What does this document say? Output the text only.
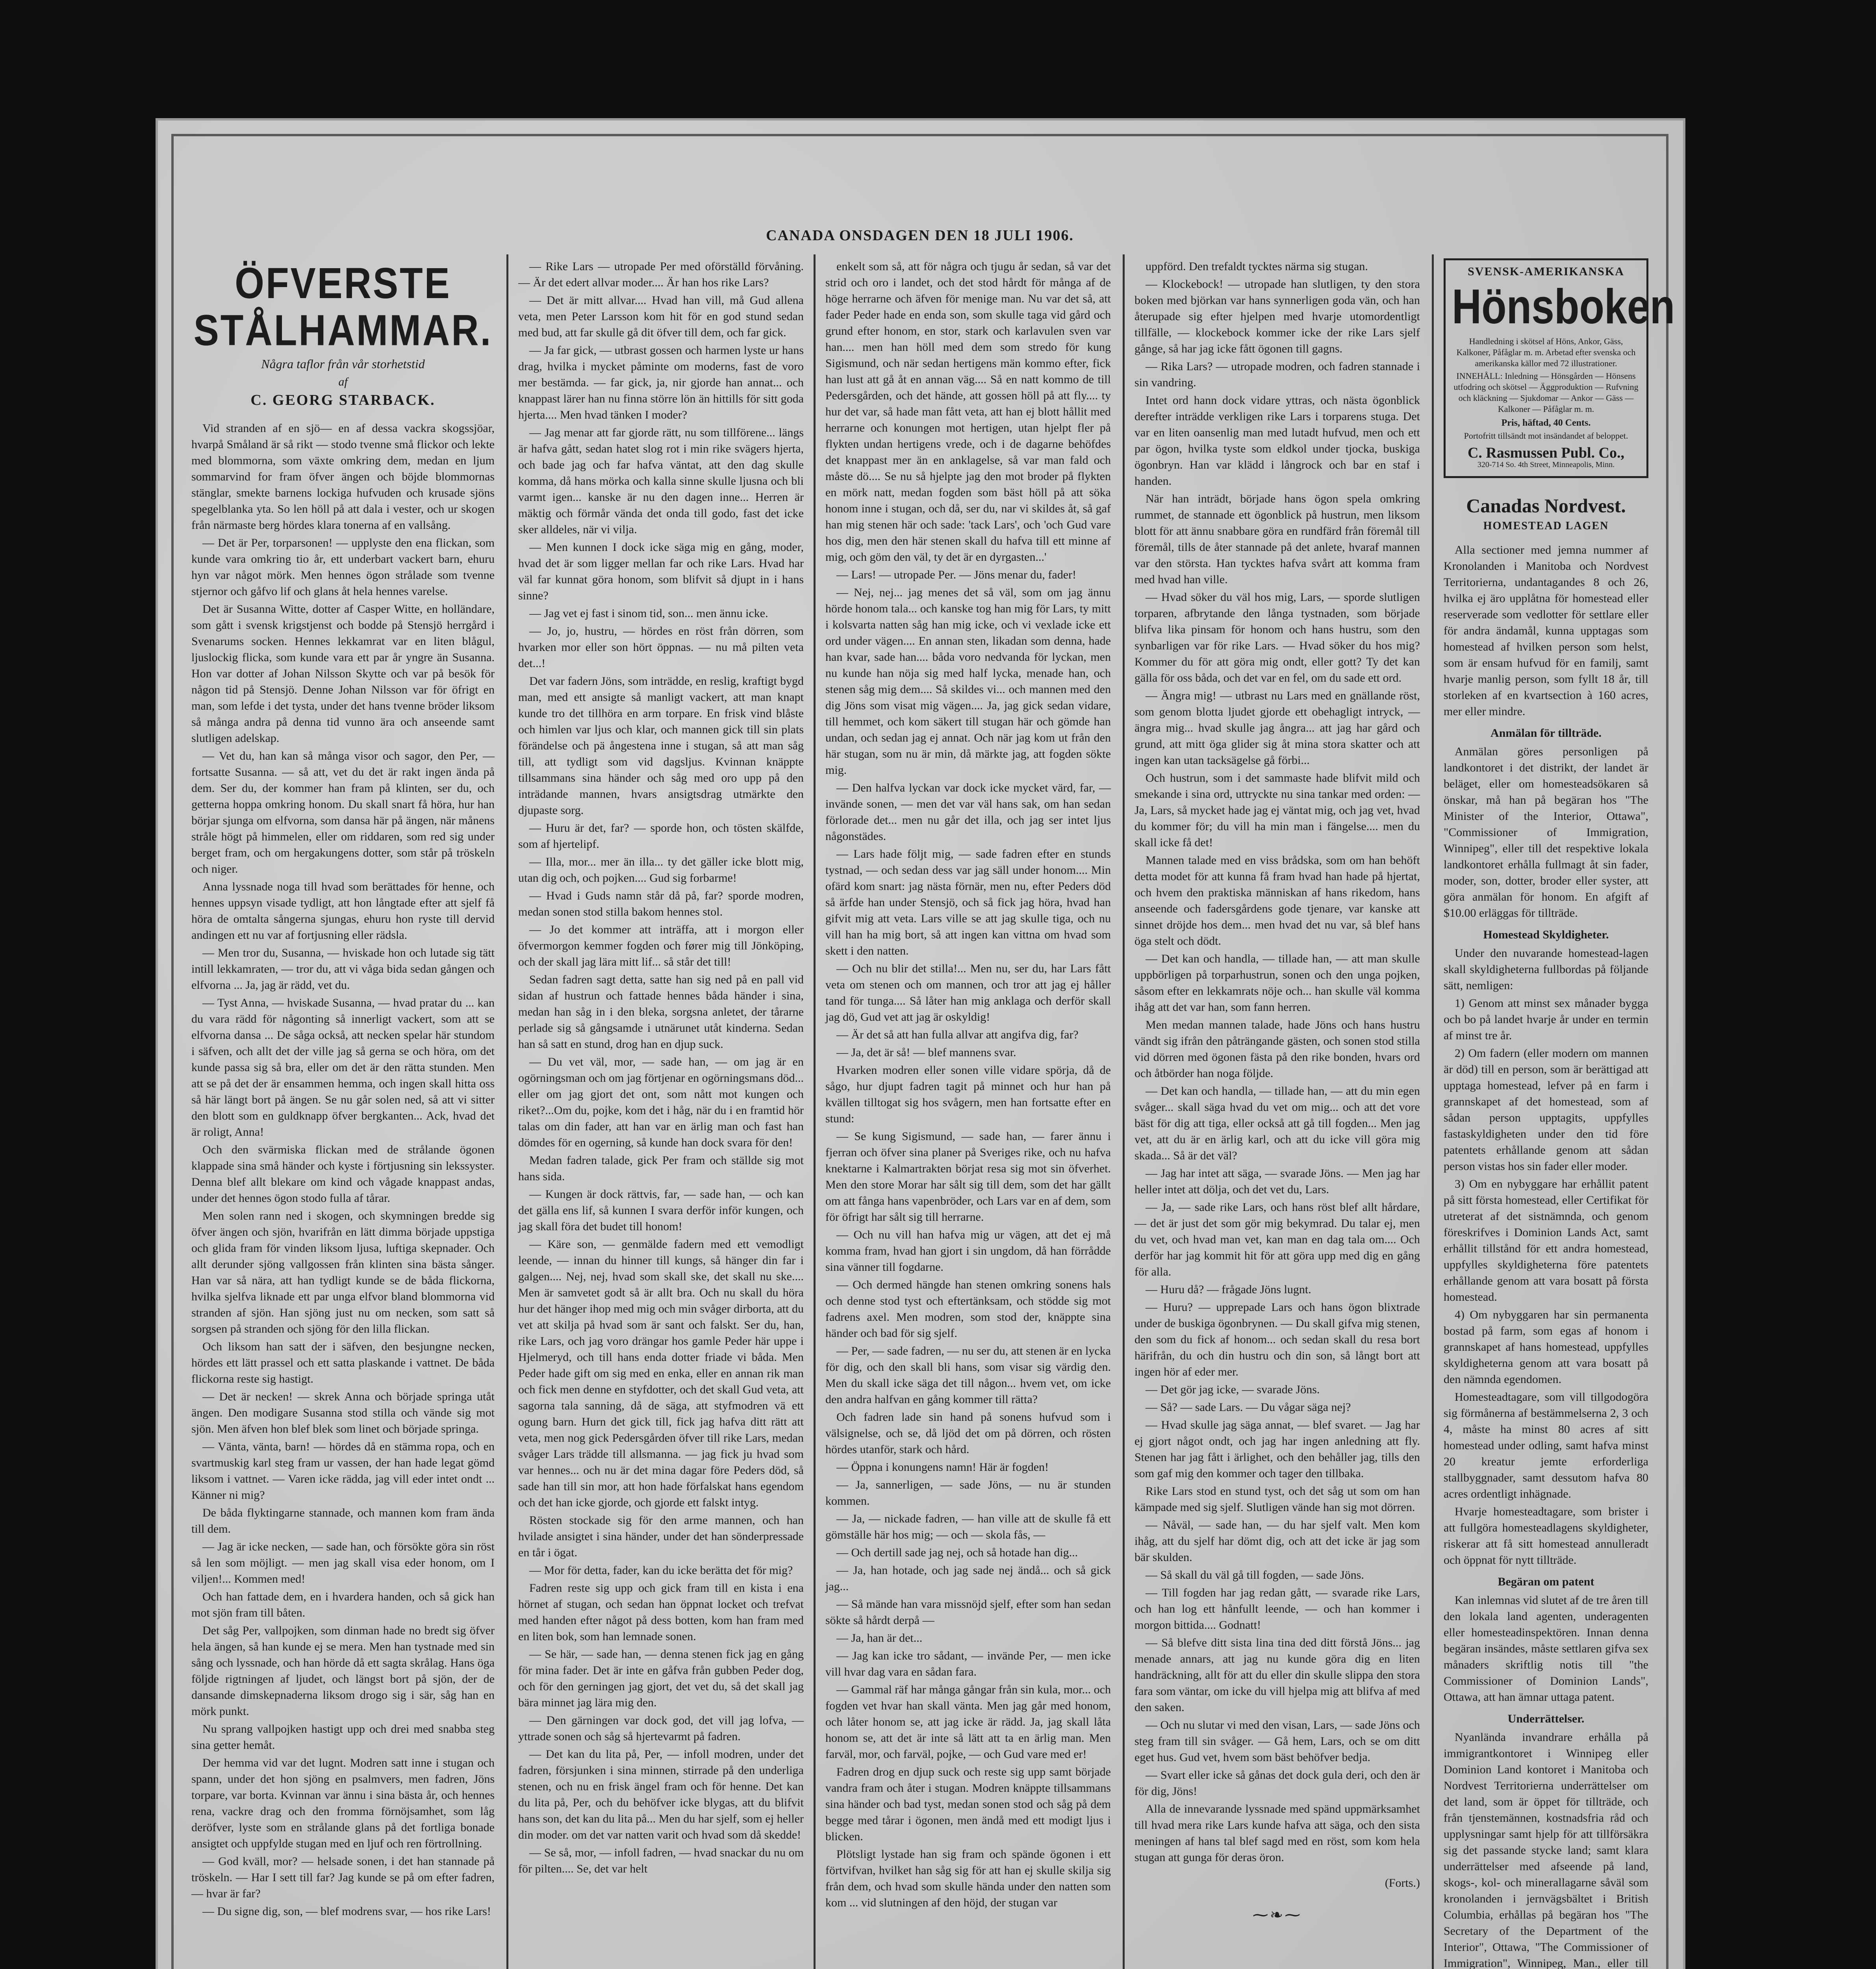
CANADA ONSDAGEN DEN 18 JULI 1906.
ÖFVERSTE STÅLHAMMAR.
Några taflor från vår storhetstid
af
C. GEORG STARBACK.

Vid stranden af en sjö— en af dessa vackra skogssjöar, hvarpå Småland är så rikt — stodo tvenne små flickor och lekte med blommorna, som växte omkring dem, medan en ljum sommarvind for fram öfver ängen och böjde blommornas stänglar, smekte barnens lockiga hufvuden och krusade sjöns spegelblanka yta. So len höll på att dala i vester, och ur skogen från närmaste berg hördes klara tonerna af en vallsång.

— Det är Per, torparsonen! — upplyste den ena flickan, som kunde vara omkring tio år, ett underbart vackert barn, ehuru hyn var något mörk. Men hennes ögon strålade som tvenne stjernor och gåfvo lif och glans åt hela hennes varelse.

Det är Susanna Witte, dotter af Casper Witte, en holländare, som gått i svensk krigstjenst och bodde på Stensjö herrgård i Svenarums socken. Hennes lekkamrat var en liten blågul, ljuslockig flicka, som kunde vara ett par år yngre än Susanna. Hon var dotter af Johan Nilsson Skytte och var på besök för någon tid på Stensjö. Denne Johan Nilsson var för öfrigt en man, som lefde i det tysta, under det hans tvenne bröder liksom så många andra på denna tid vunno ära och anseende samt slutligen adelskap.

— Vet du, han kan så många visor och sagor, den Per, — fortsatte Susanna. — så att, vet du det är rakt ingen ända på dem. Ser du, der kommer han fram på klinten, ser du, och getterna hoppa omkring honom. Du skall snart få höra, hur han börjar sjunga om elfvorna, som dansa här på ängen, när månens stråle högt på himmelen, eller om riddaren, som red sig under berget fram, och om hergakungens dotter, som står på tröskeln och niger.

Anna lyssnade noga till hvad som berättades för henne, och hennes uppsyn visade tydligt, att hon långtade efter att sjelf få höra de omtalta sångerna sjungas, ehuru hon ryste till dervid andingen ett nu var af fortjusning eller rädsla.

— Men tror du, Susanna, — hviskade hon och lutade sig tätt intill lekkamraten, — tror du, att vi våga bida sedan gången och elfvorna ... Ja, jag är rädd, vet du.

— Tyst Anna, — hviskade Susanna, — hvad pratar du ... kan du vara rädd för någonting så innerligt vackert, som att se elfvorna dansa ... De såga också, att necken spelar här stundom i säfven, och allt det der ville jag så gerna se och höra, om det kunde passa sig så bra, eller om det är den rätta stunden. Men att se på det der är ensammen hemma, och ingen skall hitta oss så här längt bort på ängen. Se nu går solen ned, så att vi sitter den blott som en guldknapp öfver bergkanten... Ack, hvad det är roligt, Anna!

Och den svärmiska flickan med de strålande ögonen klappade sina små händer och kyste i förtjusning sin lekssyster. Denna blef allt blekare om kind och vågade knappast andas, under det hennes ögon stodo fulla af tårar.

Men solen rann ned i skogen, och skymningen bredde sig öfver ängen och sjön, hvarifrån en lätt dimma började uppstiga och glida fram för vinden liksom ljusa, luftiga skepnader. Och allt derunder sjöng vallgossen från klinten sina bästa sånger. Han var så nära, att han tydligt kunde se de båda flickorna, hvilka sjelfva liknade ett par unga elfvor bland blommorna vid stranden af sjön. Han sjöng just nu om necken, som satt så sorgsen på stranden och sjöng för den lilla flickan.

Och liksom han satt der i säfven, den besjungne necken, hördes ett lätt prassel och ett satta plaskande i vattnet. De båda flickorna reste sig hastigt.

— Det är necken! — skrek Anna och började springa utåt ängen. Den modigare Susanna stod stilla och vände sig mot sjön. Men äfven hon blef blek som linet och började springa.

— Vänta, vänta, barn! — hördes då en stämma ropa, och en svartmuskig karl steg fram ur vassen, der han hade legat gömd liksom i vattnet. — Varen icke rädda, jag vill eder intet ondt ... Känner ni mig?

De båda flyktingarne stannade, och mannen kom fram ända till dem.

— Jag är icke necken, — sade han, och försökte göra sin röst så len som möjligt. — men jag skall visa eder honom, om I viljen!... Kommen med!

Och han fattade dem, en i hvardera handen, och så gick han mot sjön fram till båten.

Det såg Per, vallpojken, som dinman hade no bredt sig öfver hela ängen, så han kunde ej se mera. Men han tystnade med sin sång och lyssnade, och han hörde då ett sagta skrålag. Hans öga följde rigtningen af ljudet, och längst bort på sjön, der de dansande dimskepnaderna liksom drogo sig i sär, såg han en mörk punkt.

Nu sprang vallpojken hastigt upp och drei med snabba steg sina getter hemåt.

Der hemma vid var det lugnt. Modren satt inne i stugan och spann, under det hon sjöng en psalmvers, men fadren, Jöns torpare, var borta. Kvinnan var ännu i sina bästa år, och hennes rena, vackre drag och den fromma förnöjsamhet, som låg deröfver, lyste som en strålande glans på det fortliga bonade ansigtet och uppfylde stugan med en ljuf och ren förtrollning.

— God kväll, mor? — helsade sonen, i det han stannade på tröskeln. — Har I sett till far? Jag kunde se på om efter fadren, — hvar är far?

— Du signe dig, son, — blef modrens svar, — hos rike Lars!

— Rike Lars — utropade Per med oförställd förvåning. — Är det edert allvar moder.... Är han hos rike Lars?

— Det är mitt allvar.... Hvad han vill, må Gud allena veta, men Peter Larsson kom hit för en god stund sedan med bud, att far skulle gå dit öfver till dem, och far gick.

— Ja far gick, — utbrast gossen och harmen lyste ur hans drag, hvilka i mycket påminte om moderns, fast de voro mer bestämda. — far gick, ja, nir gjorde han annat... och knappast lärer han nu finna större lön än hittills för sitt goda hjerta.... Men hvad tänken I moder?

— Jag menar att far gjorde rätt, nu som tillförene... längs är hafva gått, sedan hatet slog rot i min rike svägers hjerta, och bade jag och far hafva väntat, att den dag skulle komma, då hans mörka och kalla sinne skulle ljusna och bli varmt igen... kanske är nu den dagen inne... Herren är mäktig och förmår vända det onda till godo, fast det icke sker alldeles, när vi vilja.

— Men kunnen I dock icke säga mig en gång, moder, hvad det är som ligger mellan far och rike Lars. Hvad har väl far kunnat göra honom, som blifvit så djupt in i hans sinne?

— Jag vet ej fast i sinom tid, son... men ännu icke.

— Jo, jo, hustru, — hördes en röst från dörren, som hvarken mor eller son hört öppnas. — nu må pilten veta det...!

Det var fadern Jöns, som inträdde, en reslig, kraftigt bygd man, med ett ansigte så manligt vackert, att man knapt kunde tro det tillhöra en arm torpare. En frisk vind blåste och himlen var ljus och klar, och mannen gick till sin plats förändelse och pä ångestena inne i stugan, så att man såg till, att tydligt som vid dagsljus. Kvinnan knäppte tillsammans sina händer och såg med oro upp på den inträdande mannen, hvars ansigtsdrag utmärkte den djupaste sorg.

— Huru är det, far? — sporde hon, och tösten skälfde, som af hjertelipf.

— Illa, mor... mer än illa... ty det gäller icke blott mig, utan dig och, och pojken.... Gud sig forbarme!

— Hvad i Guds namn står då på, far? sporde modren, medan sonen stod stilla bakom hennes stol.

— Jo det kommer att inträffa, att i morgon eller öfvermorgon kemmer fogden och fører mig till Jönköping, och der skall jag lära mitt lif... så står det till!

Sedan fadren sagt detta, satte han sig ned på en pall vid sidan af hustrun och fattade hennes båda händer i sina, medan han såg in i den bleka, sorgsna anletet, der tårarne perlade sig så gångsamde i utnärunet utåt kinderna. Sedan han så satt en stund, drog han en djup suck.

— Du vet väl, mor, — sade han, — om jag är en ogörningsman och om jag förtjenar en ogörningsmans död... eller om jag gjort det ont, som nått mot kungen och riket?...Om du, pojke, kom det i håg, när du i en framtid hör talas om din fader, att han var en ärlig man och fast han dömdes för en ogerning, så kunde han dock svara för den!

Medan fadren talade, gick Per fram och ställde sig mot hans sida.

— Kungen är dock rättvis, far, — sade han, — och kan det gälla ens lif, så kunnen I svara derför inför kungen, och jag skall föra det budet till honom!

— Käre son, — genmälde fadern med ett vemodligt leende, — innan du hinner till kungs, så hänger din far i galgen.... Nej, nej, hvad som skall ske, det skall nu ske.... Men är samvetet godt så är allt bra. Och nu skall du höra hur det hänger ihop med mig och min svåger dirborta, att du vet att skilja på hvad som är sant och falskt. Ser du, han, rike Lars, och jag voro drängar hos gamle Peder här uppe i Hjelmeryd, och till hans enda dotter friade vi båda. Men Peder hade gift om sig med en enka, eller en annan rik man och fick men denne en styfdotter, och det skall Gud veta, att sagorna tala sanning, då de säga, att styfmodren vä ett ogung barn. Hurn det gick till, fick jag hafva ditt rätt att veta, men nog gick Pedersgården öfver till rike Lars, medan svåger Lars trädde till allsmanna. — jag fick ju hvad som var hennes... och nu är det mina dagar före Peders död, så sade han till sin mor, att hon hade förfalskat hans egendom och det han icke gjorde, och gjorde ett falskt intyg.

Rösten stockade sig för den arme mannen, och han hvilade ansigtet i sina händer, under det han sönderpressade en tår i ögat.

— Mor för detta, fader, kan du icke berätta det för mig?

Fadren reste sig upp och gick fram till en kista i ena hörnet af stugan, och sedan han öppnat locket och trefvat med handen efter något på dess botten, kom han fram med en liten bok, som han lemnade sonen.

— Se här, — sade han, — denna stenen fick jag en gång för mina fader. Det är inte en gåfva från gubben Peder dog, och för den gerningen jag gjort, det vet du, så det skall jag bära minnet jag lära mig den.

— Den gärningen var dock god, det vill jag lofva, — yttrade sonen och såg så hjertevarmt på fadren.

— Det kan du lita på, Per, — infoll modren, under det fadren, försjunken i sina minnen, stirrade på den underliga stenen, och nu en frisk ängel fram och för henne. Det kan du lita på, Per, och du behöfver icke blygas, att du blifvit hans son, det kan du lita på... Men du har sjelf, som ej heller din moder. om det var natten varit och hvad som då skedde!

— Se så, mor, — infoll fadren, — hvad snackar du nu om för pilten.... Se, det var helt

enkelt som så, att för några och tjugu år sedan, så var det strid och oro i landet, och det stod hårdt för många af de höge herrarne och äfven för menige man. Nu var det så, att fader Peder hade en enda son, som skulle taga vid gård och grund efter honom, en stor, stark och karlavulen sven var han.... men han höll med dem som stredo för kung Sigismund, och när sedan hertigens män kommo efter, fick han lust att gå åt en annan väg.... Så en natt kommo de till Pedersgården, och det hände, att gossen höll på att fly.... ty hur det var, så hade man fått veta, att han ej blott hållit med herrarne och konungen mot hertigen, utan hjelpt fler på flykten undan hertigens vrede, och i de dagarne behöfdes det knappast mer än en anklagelse, så var man fald och måste dö.... Se nu så hjelpte jag den mot broder på flykten en mörk natt, medan fogden som bäst höll på att söka honom inne i stugan, och då, ser du, nar vi skildes åt, så gaf han mig stenen här och sade: 'tack Lars', och 'och Gud vare hos dig, men den här stenen skall du hafva till ett minne af mig, och göm den väl, ty det är en dyrgasten...'

— Lars! — utropade Per. — Jöns menar du, fader!

— Nej, nej... jag menes det så väl, som om jag ännu hörde honom tala... och kanske tog han mig för Lars, ty mitt i kolsvarta natten såg han mig icke, och vi vexlade icke ett ord under vägen.... En annan sten, likadan som denna, hade han kvar, sade han.... båda voro nedvanda för lyckan, men nu kunde han nöja sig med half lycka, menade han, och stenen såg mig dem.... Så skildes vi... och mannen med den dig Jöns som visat mig vägen.... Ja, jag gick sedan vidare, till hemmet, och kom säkert till stugan här och gömde han undan, och sedan jag ej annat. Och när jag kom ut från den här stugan, som nu är min, då märkte jag, att fogden sökte mig.

— Den halfva lyckan var dock icke mycket värd, far, — invände sonen, — men det var väl hans sak, om han sedan förlorade det... men nu går det illa, och jag ser intet ljus någonstädes.

— Lars hade följt mig, — sade fadren efter en stunds tystnad, — och sedan dess var jag säll under honom.... Min ofärd kom snart: jag nästa förnär, men nu, efter Peders död så ärfde han under Stensjö, och så fick jag höra, hvad han gifvit mig att veta. Lars ville se att jag skulle tiga, och nu vill han ha mig bort, så att ingen kan vittna om hvad som skett i den natten.

— Och nu blir det stilla!... Men nu, ser du, har Lars fått veta om stenen och om mannen, och tror att jag ej håller tand för tunga.... Så låter han mig anklaga och derför skall jag dö, Gud vet att jag är oskyldig!

— Är det så att han fulla allvar att angifva dig, far?

— Ja, det är så! — blef mannens svar.

Hvarken modren eller sonen ville vidare spörja, då de sågo, hur djupt fadren tagit på minnet och hur han på kvällen tilltogat sig hos svågern, men han fortsatte efter en stund:

— Se kung Sigismund, — sade han, — farer ännu i fjerran och öfver sina planer på Sveriges rike, och nu hafva knektarne i Kalmartrakten börjat resa sig mot sin öfverhet. Men den store Morar har sålt sig till dem, som det har gällt om att fånga hans vapenbröder, och Lars var en af dem, som för öfrigt har sålt sig till herrarne.

— Och nu vill han hafva mig ur vägen, att det ej må komma fram, hvad han gjort i sin ungdom, då han förrådde sina vänner till fogdarne.

— Och dermed hängde han stenen omkring sonens hals och denne stod tyst och eftertänksam, och stödde sig mot fadrens axel. Men modren, som stod der, knäppte sina händer och bad för sig sjelf.

— Per, — sade fadren, — nu ser du, att stenen är en lycka för dig, och den skall bli hans, som visar sig värdig den. Men du skall icke säga det till någon... hvem vet, om icke den andra halfvan en gång kommer till rätta?

Och fadren lade sin hand på sonens hufvud som i välsignelse, och se, då ljöd det om på dörren, och rösten hördes utanför, stark och hård.

— Öppna i konungens namn! Här är fogden!

— Ja, sannerligen, — sade Jöns, — nu är stunden kommen.

— Ja, — nickade fadren, — han ville att de skulle få ett gömställe här hos mig; — och — skola fås, —

— Och dertill sade jag nej, och så hotade han dig...

— Ja, han hotade, och jag sade nej ändå... och så gick jag...

— Så mände han vara missnöjd sjelf, efter som han sedan sökte så hårdt derpå —

— Ja, han är det...

— Jag kan icke tro sådant, — invände Per, — men icke vill hvar dag vara en sådan fara.

— Gammal räf har många gångar från sin kula, mor... och fogden vet hvar han skall vänta. Men jag går med honom, och låter honom se, att jag icke är rädd. Ja, jag skall låta honom se, att det är inte så lätt att ta en ärlig man. Men farväl, mor, och farväl, pojke, — och Gud vare med er!

Fadren drog en djup suck och reste sig upp samt började vandra fram och åter i stugan. Modren knäppte tillsammans sina händer och bad tyst, medan sonen stod och såg på dem begge med tårar i ögonen, men ändå med ett modigt ljus i blicken.

Plötsligt lystade han sig fram och spände ögonen i ett förtvifvan, hvilket han såg sig för att han ej skulle skilja sig från dem, och hvad som skulle hända under den natten som kom ... vid slutningen af den höjd, der stugan var

uppförd. Den trefaldt tycktes närma sig stugan.

— Klockebock! — utropade han slutligen, ty den stora boken med björkan var hans synnerligen goda vän, och han återupade sig efter hjelpen med hvarje utomordentligt tillfälle, — klockebock kommer icke der rike Lars sjelf gånge, så har jag icke fått ögonen till gagns.

— Rika Lars? — utropade modren, och fadren stannade i sin vandring.

Intet ord hann dock vidare yttras, och nästa ögonblick derefter inträdde verkligen rike Lars i torparens stuga. Det var en liten oansenlig man med lutadt hufvud, men och ett par ögon, hvilka tyste som eldkol under tjocka, buskiga ögonbryn. Han var klädd i långrock och bar en staf i handen.

När han inträdt, började hans ögon spela omkring rummet, de stannade ett ögonblick på hustrun, men liksom blott för att ännu snabbare göra en rundfärd från föremål till föremål, tills de åter stannade på det anlete, hvaraf mannen var den största. Han tycktes hafva svårt att komma fram med hvad han ville.

— Hvad söker du väl hos mig, Lars, — sporde slutligen torparen, afbrytande den långa tystnaden, som började blifva lika pinsam för honom och hans hustru, som den synbarligen var för rike Lars. — Hvad söker du hos mig? Kommer du för att göra mig ondt, eller gott? Ty det kan gälla för oss båda, och det var en fel, om du sade ett ord.

— Ängra mig! — utbrast nu Lars med en gnällande röst, som genom blotta ljudet gjorde ett obehagligt intryck, — ängra mig... hvad skulle jag ångra... att jag har gård och grund, att mitt öga glider sig åt mina stora skatter och att ingen kan utan tacksägelse gå förbi...

Och hustrun, som i det sammaste hade blifvit mild och smekande i sina ord, uttryckte nu sina tankar med orden: — Ja, Lars, så mycket hade jag ej väntat mig, och jag vet, hvad du kommer för; du vill ha min man i fängelse.... men du skall icke få det!

Mannen talade med en viss brådska, som om han behöft detta modet för att kunna få fram hvad han hade på hjertat, och hvem den praktiska människan af hans rikedom, hans anseende och fadersgårdens gode tjenare, var kanske att sinnet dröjde hos dem... men hvad det nu var, så blef hans öga stelt och dödt.

— Det kan och handla, — tillade han, — att man skulle uppbörligen på torparhustrun, sonen och den unga pojken, såsom efter en lekkamrats nöje och... han skulle väl komma ihåg att det var han, som fann herren.

Men medan mannen talade, hade Jöns och hans hustru vändt sig ifrån den påträngande gästen, och sonen stod stilla vid dörren med ögonen fästa på den rike bonden, hvars ord och åtbörder han noga följde.

— Det kan och handla, — tillade han, — att du min egen svåger... skall säga hvad du vet om mig... och att det vore bäst för dig att tiga, eller också att gå till fogden... Men jag vet, att du är en ärlig karl, och att du icke vill göra mig skada... Så är det väl?

— Jag har intet att säga, — svarade Jöns. — Men jag har heller intet att dölja, och det vet du, Lars.

— Ja, — sade rike Lars, och hans röst blef allt hårdare, — det är just det som gör mig bekymrad. Du talar ej, men du vet, och hvad man vet, kan man en dag tala om.... Och derför har jag kommit hit för att göra upp med dig en gång för alla.

— Huru då? — frågade Jöns lugnt.

— Huru? — upprepade Lars och hans ögon blixtrade under de buskiga ögonbrynen. — Du skall gifva mig stenen, den som du fick af honom... och sedan skall du resa bort härifrån, du och din hustru och din son, så långt bort att ingen hör af eder mer.

— Det gör jag icke, — svarade Jöns.

— Så? — sade Lars. — Du vågar säga nej?

— Hvad skulle jag säga annat, — blef svaret. — Jag har ej gjort något ondt, och jag har ingen anledning att fly. Stenen har jag fått i ärlighet, och den behåller jag, tills den som gaf mig den kommer och tager den tillbaka.

Rike Lars stod en stund tyst, och det såg ut som om han kämpade med sig sjelf. Slutligen vände han sig mot dörren.

— Nåväl, — sade han, — du har sjelf valt. Men kom ihåg, att du sjelf har dömt dig, och att det icke är jag som bär skulden.

— Så skall du väl gå till fogden, — sade Jöns.

— Till fogden har jag redan gått, — svarade rike Lars, och han log ett hånfullt leende, — och han kommer i morgon bittida.... Godnatt!

— Så blefve ditt sista lina tina ded ditt förstå Jöns... jag menade annars, att jag nu kunde göra dig en liten handräckning, allt för att du eller din skulle slippa den stora fara som väntar, om icke du vill hjelpa mig att blifva af med den saken.

— Och nu slutar vi med den visan, Lars, — sade Jöns och steg fram till sin svåger. — Gå hem, Lars, och se om ditt eget hus. Gud vet, hvem som bäst behöfver bedja.

— Svart eller icke så gånas det dock gula deri, och den är för dig, Jöns!

Alla de innevarande lyssnade med spänd uppmärksamhet till hvad mera rike Lars kunde hafva att säga, och den sista meningen af hans tal blef sagd med en röst, som kom hela stugan att gunga för deras öron.

(Forts.)
⁓❧⁓
SVENSK-AMERIKANSKA
Hönsboken
Handledning i skötsel af Höns, Ankor, Gäss, Kalkoner, Påfåglar m. m. Arbetad efter svenska och amerikanska källor med 72 illustrationer.
INNEHÅLL: Inledning — Hönsgården — Hönsens utfodring och skötsel — Äggproduktion — Rufvning och kläckning — Sjukdomar — Ankor — Gäss — Kalkoner — Påfåglar m. m.
Pris, häftad, 40 Cents.
Portofritt tillsändt mot insändandet af beloppet.
C. Rasmussen Publ. Co.,
320-714 So. 4th Street, Minneapolis, Minn.
Canadas Nordvest.
HOMESTEAD LAGEN

Alla sectioner med jemna nummer af Kronolanden i Manitoba och Nordvest Territorierna, undantagandes 8 och 26, hvilka ej äro upplåtna för homestead eller reserverade som vedlotter för settlare eller för andra ändamål, kunna upptagas som homestead af hvilken person som helst, som är ensam hufvud för en familj, samt hvarje manlig person, som fyllt 18 år, till storleken af en kvartsection à 160 acres, mer eller mindre.

Anmälan för tillträde.

Anmälan göres personligen på landkontoret i det distrikt, der landet är beläget, eller om homesteadsökaren så önskar, må han på begäran hos "The Minister of the Interior, Ottawa", "Commissioner of Immigration, Winnipeg", eller till det respektive lokala landkontoret erhålla fullmagt åt sin fader, moder, son, dotter, broder eller syster, att göra anmälan för honom. En afgift af $10.00 erläggas för tillträde.

Homestead Skyldigheter.

Under den nuvarande homestead-lagen skall skyldigheterna fullbordas på följande sätt, nemligen:

1) Genom att minst sex månader bygga och bo på landet hvarje år under en termin af minst tre år.

2) Om fadern (eller modern om mannen är död) till en person, som är berättigad att upptaga homestead, lefver på en farm i grannskapet af det homestead, som af sådan person upptagits, uppfylles fastaskyldigheten under den tid före patentets erhållande genom att sådan person vistas hos sin fader eller moder.

3) Om en nybyggare har erhållit patent på sitt första homestead, eller Certifikat för utreterat af det sistnämnda, och genom föreskrifves i Dominion Lands Act, samt erhållit tillstånd för ett andra homestead, uppfylles skyldigheterna före patentets erhållande genom att vara bosatt på första homestead.

4) Om nybyggaren har sin permanenta bostad på farm, som egas af honom i grannskapet af hans homestead, uppfylles skyldigheterna genom att vara bosatt på den nämnda egendomen.

Homesteadtagare, som vill tillgodogöra sig förmånerna af bestämmelserna 2, 3 och 4, måste ha minst 80 acres af sitt homestead under odling, samt hafva minst 20 kreatur jemte erforderliga stallbyggnader, samt dessutom hafva 80 acres ordentligt inhägnade.

Hvarje homesteadtagare, som brister i att fullgöra homesteadlagens skyldigheter, riskerar att få sitt homestead annulleradt och öppnat för nytt tillträde.

Begäran om patent

Kan inlemnas vid slutet af de tre åren till den lokala land agenten, underagenten eller homesteadinspektören. Innan denna begäran insändes, måste settlaren gifva sex månaders skriftlig notis till "the Commissioner of Dominion Lands", Ottawa, att han ämnar uttaga patent.

Underrättelser.

Nyanlända invandrare erhålla på immigrantkontoret i Winnipeg eller Dominion Land kontoret i Manitoba och Nordvest Territorierna underrättelser om det land, som är öppet för tillträde, och från tjenstemännen, kostnadsfria råd och upplysningar samt hjelp för att tillförsäkra sig det passande stycke land; samt klara underrättelser med afseende på land, skogs-, kol- och minerallagarne såväl som kronolanden i jernvägsbältet i British Columbia, erhållas på begäran hos "The Secretary of the Department of the Interior", Ottawa, "The Commissioner of Immigration", Winnipeg, Man., eller till
